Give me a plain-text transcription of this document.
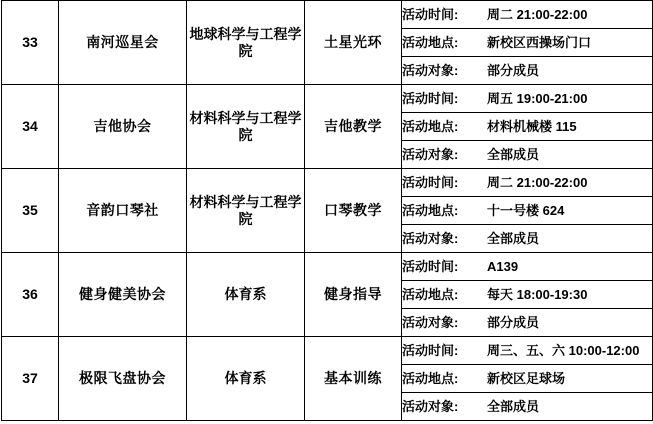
33	南河巡星会	地球科学与工程学院	土星光环	
活动时间:	周二 21:00-22:00
活动地点:	新校区西操场门口
活动对象:	部分成员

34	吉他协会	材料科学与工程学院	吉他教学	
活动时间:	周五 19:00-21:00
活动地点:	材料机械楼 115
活动对象:	全部成员

35	音韵口琴社	材料科学与工程学院	口琴教学	
活动时间:	周二 21:00-22:00
活动地点:	十一号楼 624
活动对象:	全部成员

36	健身健美协会	体育系	健身指导	
活动时间:	A139
活动地点:	每天 18:00-19:30
活动对象:	部分成员

37	极限飞盘协会	体育系	基本训练	
活动时间:	周三、五、六 10:00-12:00
活动地点:	新校区足球场
活动对象:	全部成员
